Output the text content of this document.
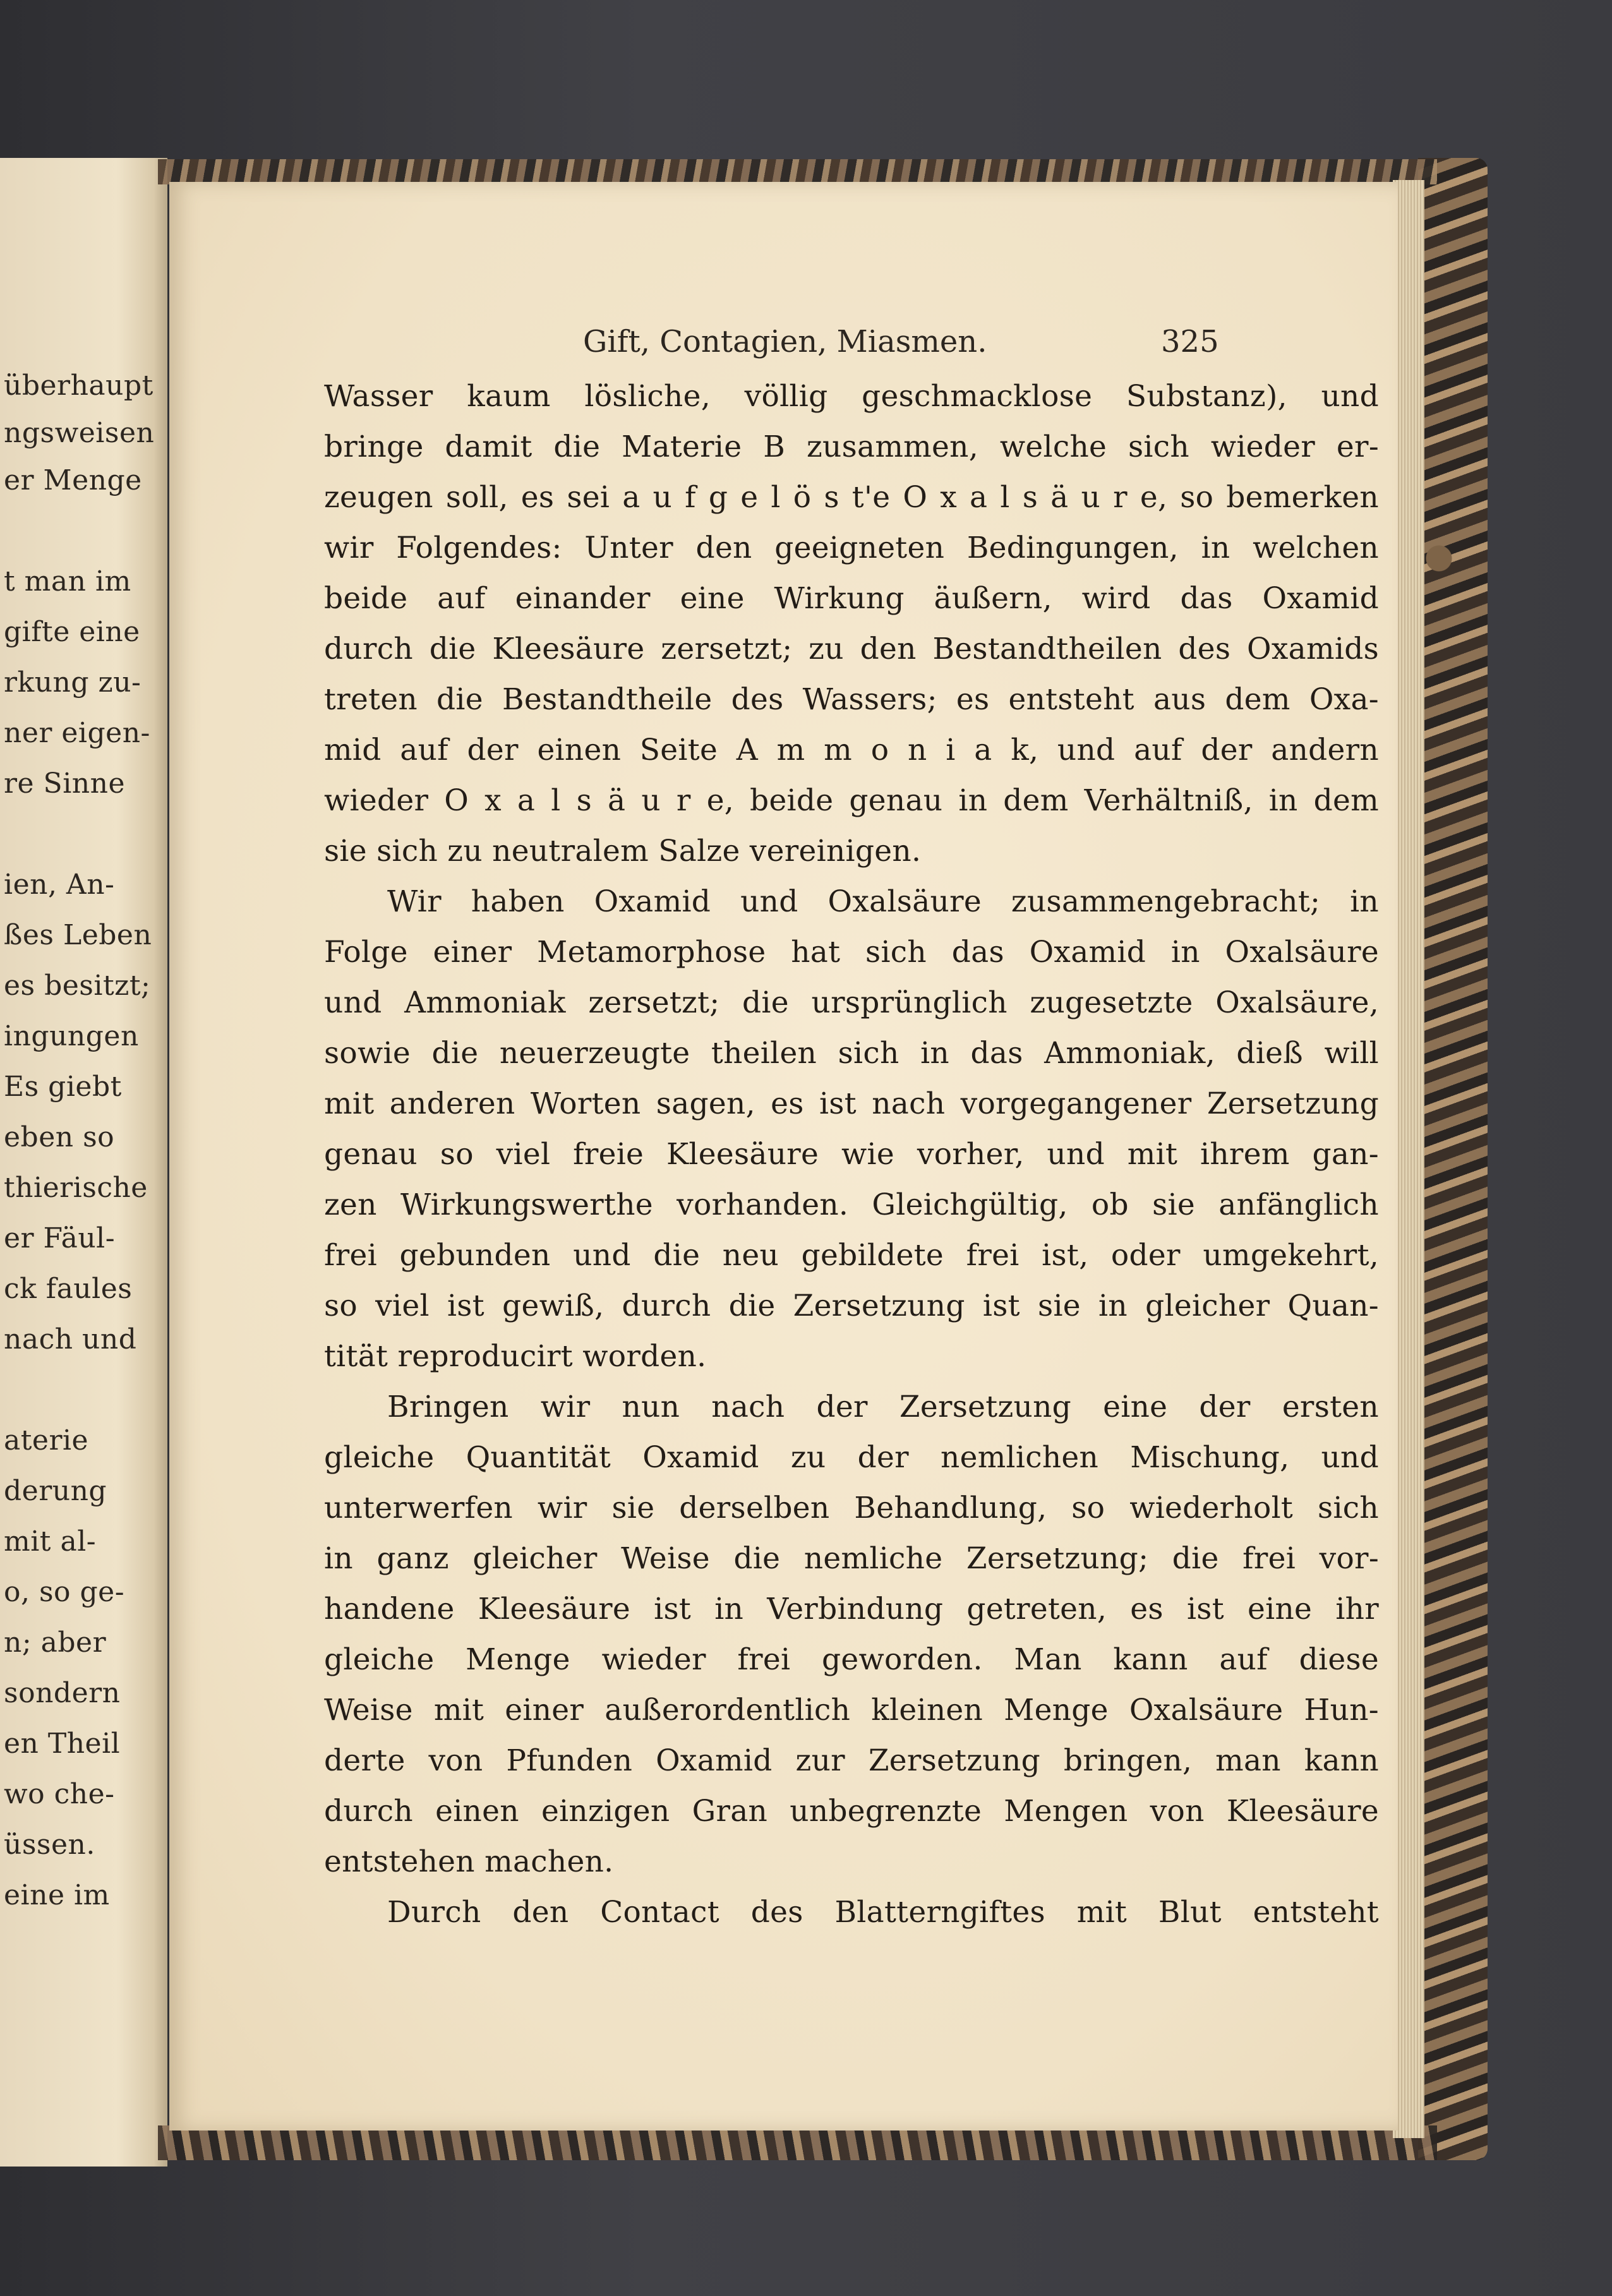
überhaupt
ngsweisen
er Menge
t man im
gifte eine
rkung zu-
ner eigen-
re Sinne
ien, An-
ßes Leben
es besitzt;
ingungen
Es giebt
eben so
thierische
er Fäul-
ck faules
nach und
aterie
derung
mit al-
o, so ge-
n; aber
sondern
en Theil
wo che-
üssen.
eine im
Gift, Contagien, Miasmen.	325
Wasser kaum lösliche, völlig geschmacklose Substanz), und
bringe damit die Materie B zusammen, welche sich wieder er-
zeugen soll, es sei a u f g e l ö s t'e O x a l s ä u r e, so bemerken
wir Folgendes: Unter den geeigneten Bedingungen, in welchen
beide auf einander eine Wirkung äußern, wird das Oxamid
durch die Kleesäure zersetzt; zu den Bestandtheilen des Oxamids
treten die Bestandtheile des Wassers; es entsteht aus dem Oxa-
mid auf der einen Seite A m m o n i a k, und auf der andern
wieder O x a l s ä u r e, beide genau in dem Verhältniß, in dem
sie sich zu neutralem Salze vereinigen.
Wir haben Oxamid und Oxalsäure zusammengebracht; in
Folge einer Metamorphose hat sich das Oxamid in Oxalsäure
und Ammoniak zersetzt; die ursprünglich zugesetzte Oxalsäure,
sowie die neuerzeugte theilen sich in das Ammoniak, dieß will
mit anderen Worten sagen, es ist nach vorgegangener Zersetzung
genau so viel freie Kleesäure wie vorher, und mit ihrem gan-
zen Wirkungswerthe vorhanden. Gleichgültig, ob sie anfänglich
frei gebunden und die neu gebildete frei ist, oder umgekehrt,
so viel ist gewiß, durch die Zersetzung ist sie in gleicher Quan-
tität reproducirt worden.
Bringen wir nun nach der Zersetzung eine der ersten
gleiche Quantität Oxamid zu der nemlichen Mischung, und
unterwerfen wir sie derselben Behandlung, so wiederholt sich
in ganz gleicher Weise die nemliche Zersetzung; die frei vor-
handene Kleesäure ist in Verbindung getreten, es ist eine ihr
gleiche Menge wieder frei geworden. Man kann auf diese
Weise mit einer außerordentlich kleinen Menge Oxalsäure Hun-
derte von Pfunden Oxamid zur Zersetzung bringen, man kann
durch einen einzigen Gran unbegrenzte Mengen von Kleesäure
entstehen machen.
Durch den Contact des Blatterngiftes mit Blut entsteht
